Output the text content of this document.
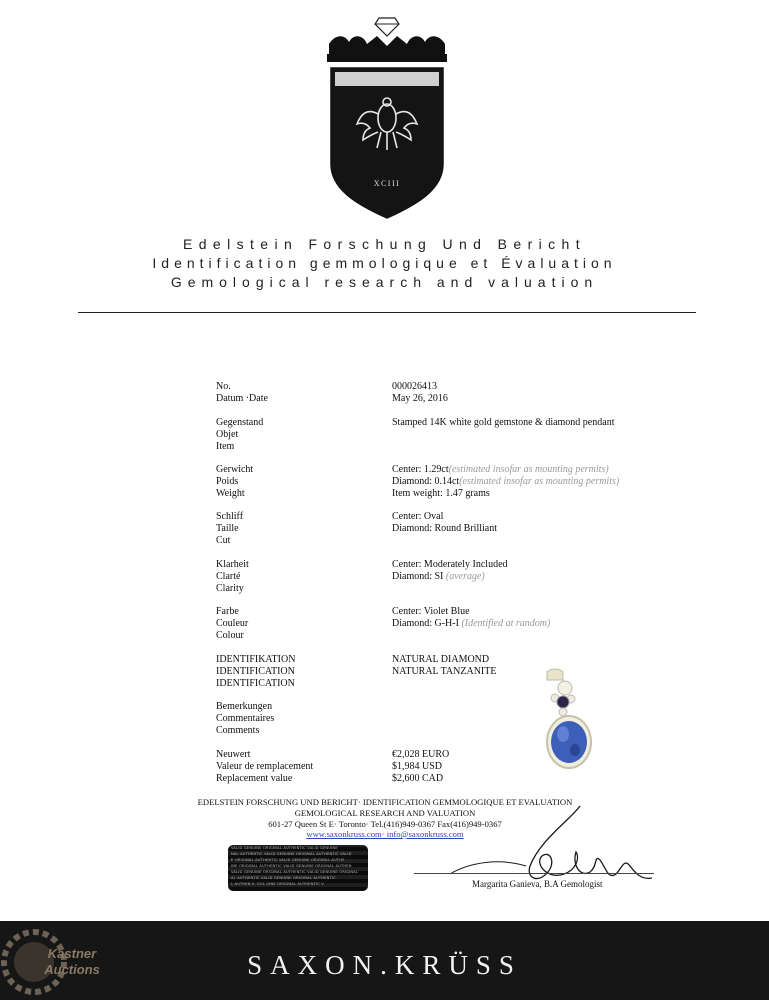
XCIII
Edelstein Forschung Und Bericht
Identification gemmologique et Évaluation
Gemological research and valuation
No.
Datum ·Date
000026413
May 26, 2016
Gegenstand
Objet
Item
Stamped 14K white gold gemstone & diamond pendant
Gerwicht
Poids
Weight
Center: 1.29ct(estimated insofar as mounting permits)
Diamond: 0.14ct(estimated insofar as mounting permits)
Item weight: 1.47 grams
Schliff
Taille
Cut
Center: Oval
Diamond: Round Brilliant
Klarheit
Clarté
Clarity
Center: Moderately Included
Diamond: SI (average)
Farbe
Couleur
Colour
Center: Violet Blue
Diamond: G-H-I (Identified at random)
IDENTIFIKATION
IDENTIFICATION
IDENTIFICATION
NATURAL DIAMOND
NATURAL TANZANITE
Bemerkungen
Commentaires
Comments
Neuwert
Valeur de remplacement
Replacement value
€2,028 EURO
$1,984 USD
$2,600 CAD
EDELSTEIN FORSCHUNG UND BERICHT· IDENTIFICATION GEMMOLOGIQUE ET EVALUATION
GEMOLOGICAL RESEARCH AND VALUATION
601-27 Queen St E· Toronto· Tel.(416)949-0367 Fax(416)949-0367
www.saxonkruss.com· info@saxonkruss.com
VALID GENUINE ORIGINAL AUTHENTIC VALID GENUINE
NAL AUTHENTIC VALID GENUINE ORIGINAL AUTHENTIC VALID
E ORIGINAL AUTHENTIC VALID GENUINE ORIGINAL AUTHE
INE ORIGINAL AUTHENTIC VALID GENUINE ORIGINAL AUTHEN
VALID GENUINE ORIGINAL AUTHENTIC VALID GENUINE ORIGINAL
AL AUTHENTIC VALID GENUINE ORIGINAL AUTHENTIC
L AUTHEN IL GOL UINE ORIGINAL AUTHENTIC V	Margarita Ganieva, B.A Gemologist
SAXON.KRÜSS
Kastner
Auctions
